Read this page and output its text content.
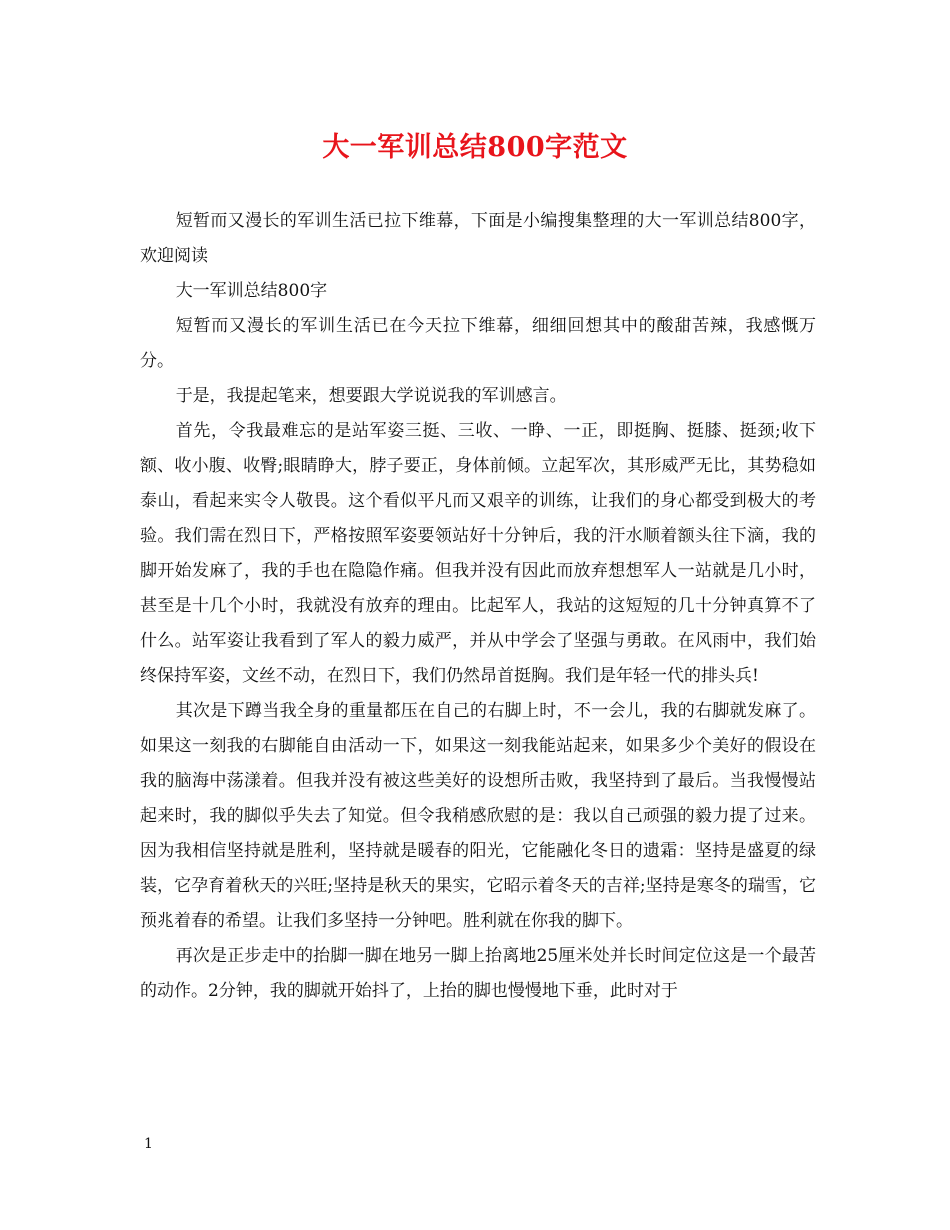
大一军训总结800字范文

短暂而又漫长的军训生活已拉下维幕，下面是小编搜集整理的大一军训总结800字，欢迎阅读

大一军训总结800字

短暂而又漫长的军训生活已在今天拉下维幕，细细回想其中的酸甜苦辣，我感慨万分。

于是，我提起笔来，想要跟大学说说我的军训感言。

首先，令我最难忘的是站军姿三挺、三收、一睁、一正，即挺胸、挺膝、挺颈;收下额、收小腹、收臀;眼睛睁大，脖子要正，身体前倾。立起军次，其形威严无比，其势稳如泰山，看起来实令人敬畏。这个看似平凡而又艰辛的训练，让我们的身心都受到极大的考验。我们需在烈日下，严格按照军姿要领站好十分钟后，我的汗水顺着额头往下滴，我的脚开始发麻了，我的手也在隐隐作痛。但我并没有因此而放弃想想军人一站就是几小时，甚至是十几个小时，我就没有放弃的理由。比起军人，我站的这短短的几十分钟真算不了什么。站军姿让我看到了军人的毅力威严，并从中学会了坚强与勇敢。在风雨中，我们始终保持军姿，文丝不动，在烈日下，我们仍然昂首挺胸。我们是年轻一代的排头兵!

其次是下蹲当我全身的重量都压在自己的右脚上时，不一会儿，我的右脚就发麻了。如果这一刻我的右脚能自由活动一下，如果这一刻我能站起来，如果多少个美好的假设在我的脑海中荡漾着。但我并没有被这些美好的设想所击败，我坚持到了最后。当我慢慢站起来时，我的脚似乎失去了知觉。但令我稍感欣慰的是：我以自己顽强的毅力提了过来。因为我相信坚持就是胜利，坚持就是暖春的阳光，它能融化冬日的遗霜：坚持是盛夏的绿装，它孕育着秋天的兴旺;坚持是秋天的果实，它昭示着冬天的吉祥;坚持是寒冬的瑞雪，它预兆着春的希望。让我们多坚持一分钟吧。胜利就在你我的脚下。

再次是正步走中的抬脚一脚在地另一脚上抬离地25厘米处并长时间定位这是一个最苦的动作。2分钟，我的脚就开始抖了，上抬的脚也慢慢地下垂，此时对于

1
